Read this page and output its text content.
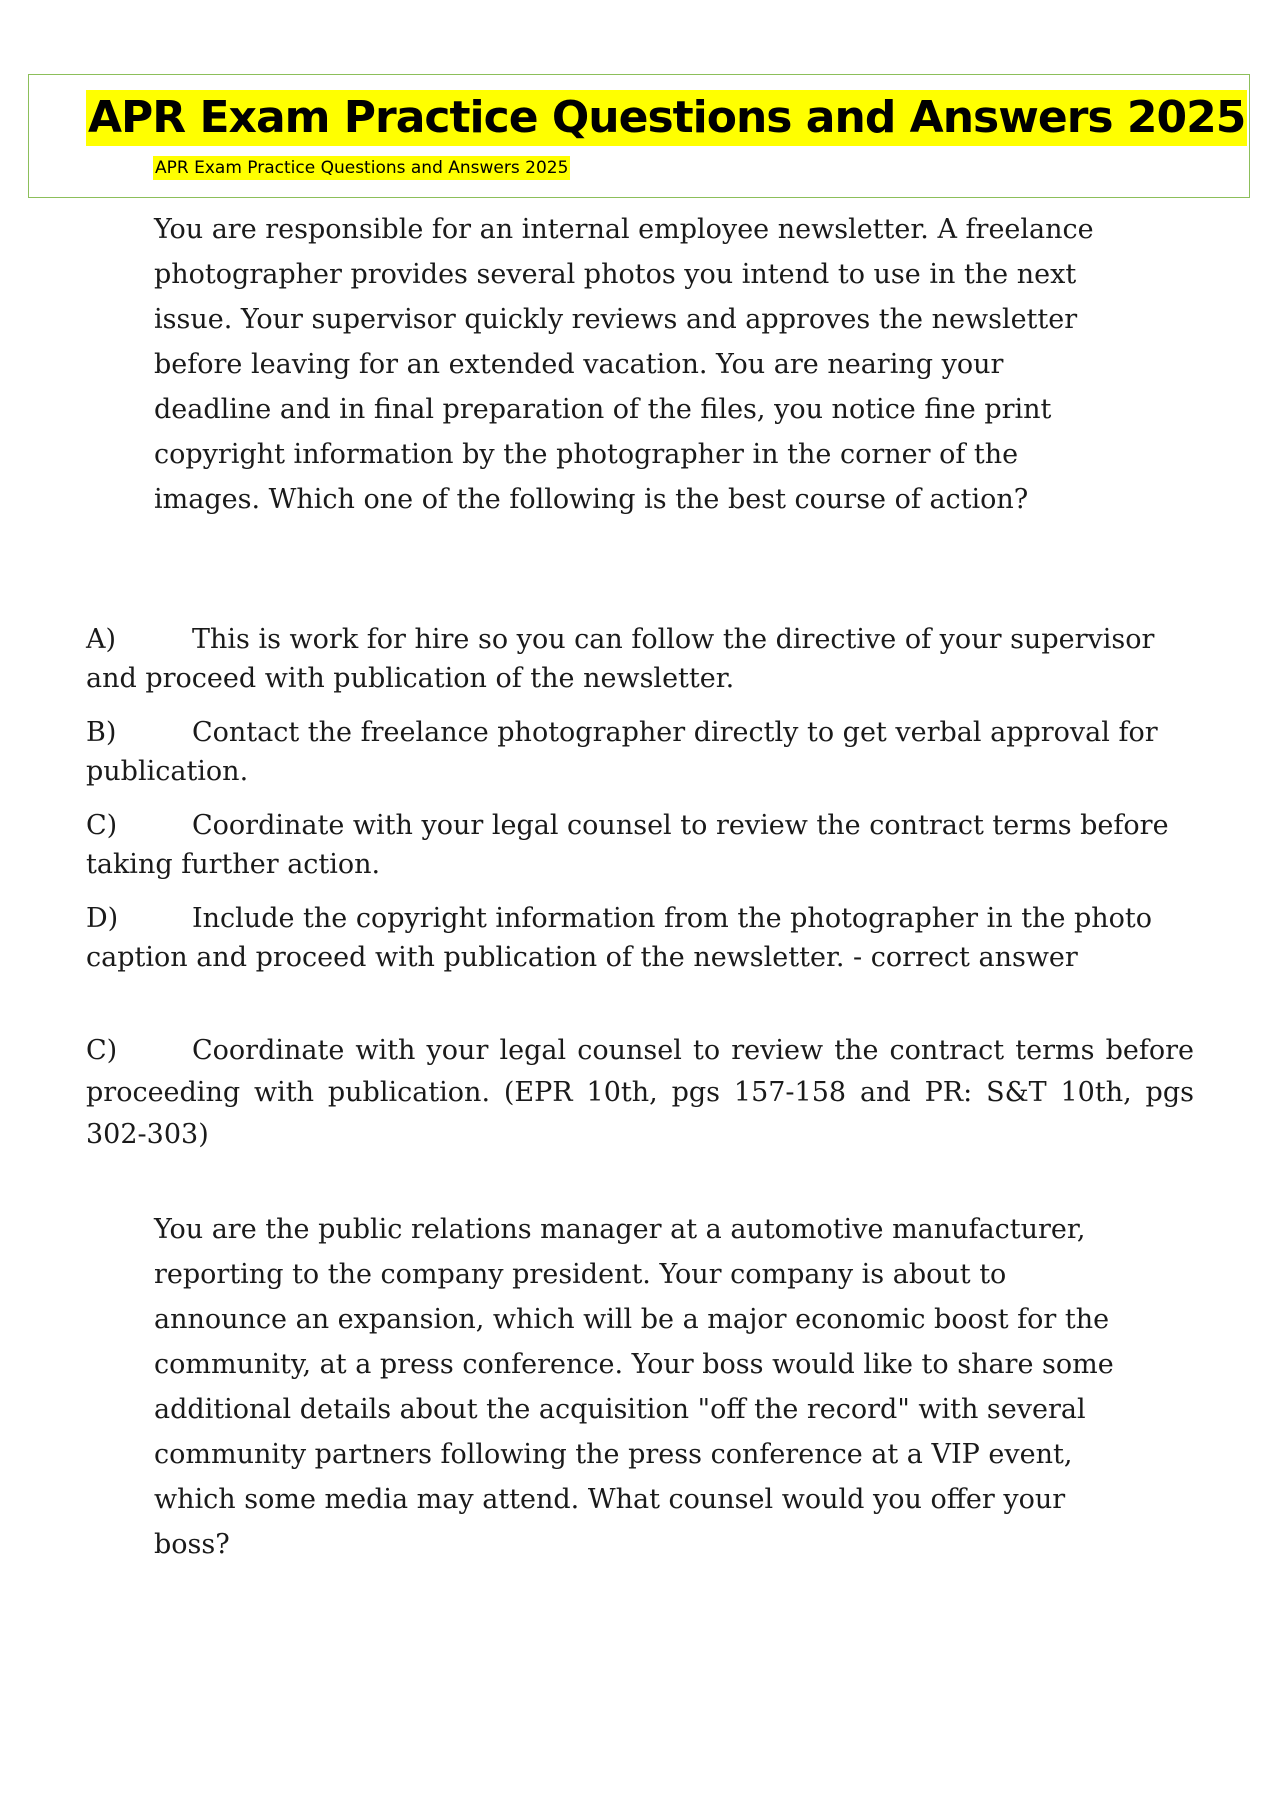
APR Exam Practice Questions and Answers 2025

APR Exam Practice Questions and Answers 2025

You are responsible for an internal employee newsletter. A freelance photographer provides several photos you intend to use in the next issue. Your supervisor quickly reviews and approves the newsletter before leaving for an extended vacation. You are nearing your deadline and in final preparation of the files, you notice fine print copyright information by the photographer in the corner of the images. Which one of the following is the best course of action?

A)	This is work for hire so you can follow the directive of your supervisor and proceed with publication of the newsletter.

B)	Contact the freelance photographer directly to get verbal approval for publication.

C)	Coordinate with your legal counsel to review the contract terms before taking further action.

D)	Include the copyright information from the photographer in the photo caption and proceed with publication of the newsletter. - correct answer

C)	Coordinate with your legal counsel to review the contract terms before proceeding with publication. (EPR 10th, pgs 157-158 and PR: S&T 10th, pgs 302-303)

You are the public relations manager at a automotive manufacturer, reporting to the company president. Your company is about to announce an expansion, which will be a major economic boost for the community, at a press conference. Your boss would like to share some additional details about the acquisition "off the record" with several community partners following the press conference at a VIP event, which some media may attend. What counsel would you offer your boss?
